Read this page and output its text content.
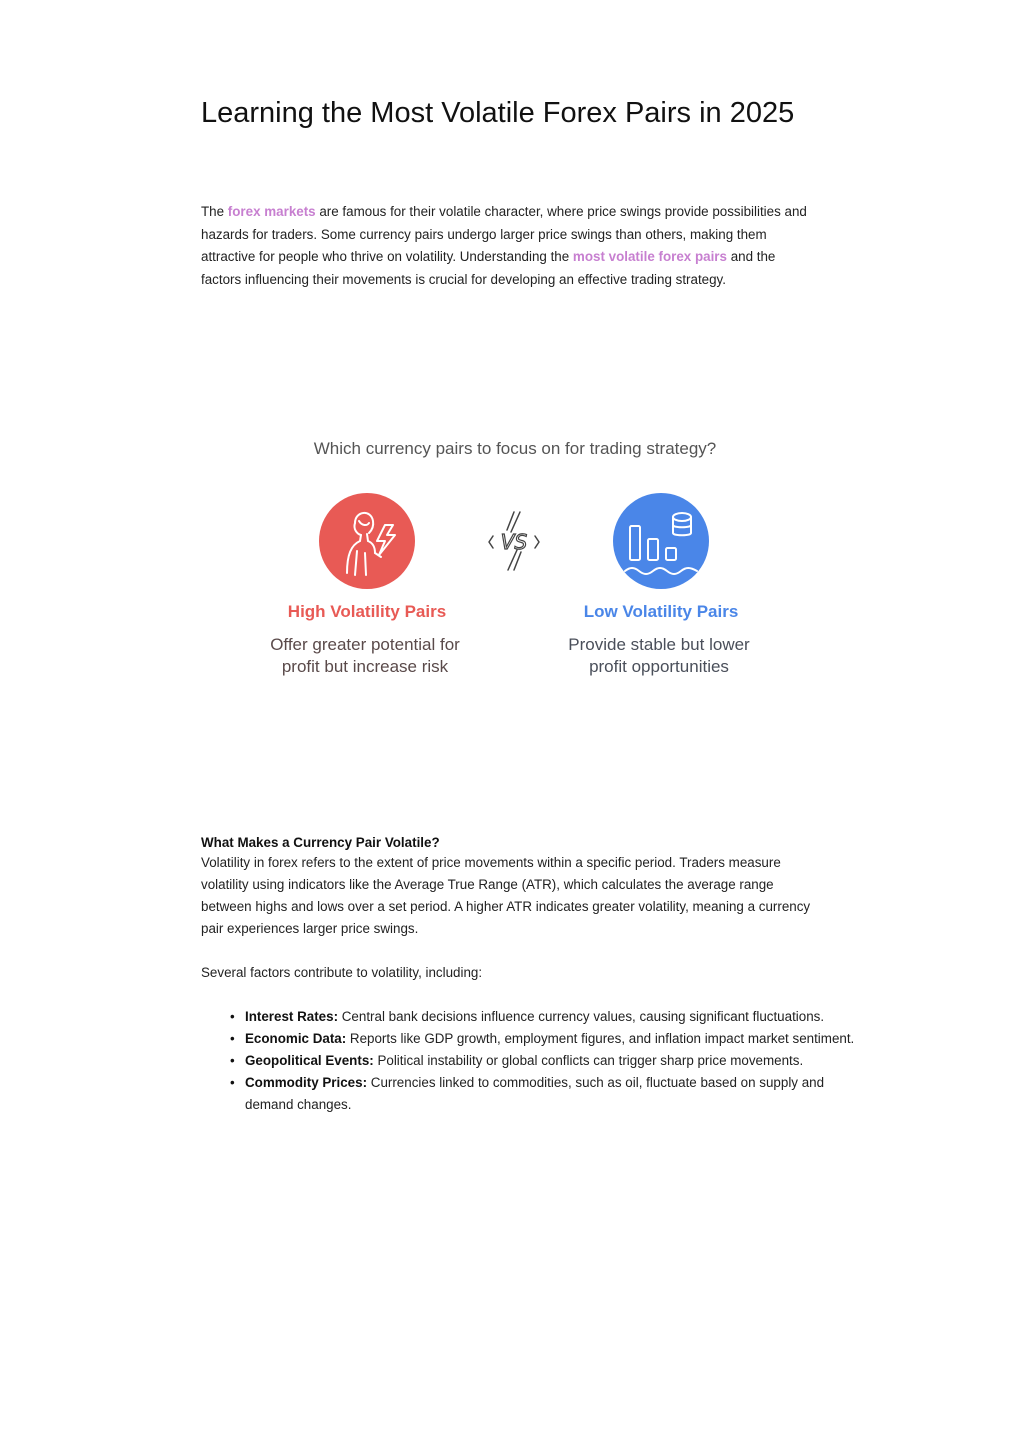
Learning the Most Volatile Forex Pairs in 2025

The forex markets are famous for their volatile character, where price swings provide possibilities and hazards for traders. Some currency pairs undergo larger price swings than others, making them attractive for people who thrive on volatility. Understanding the most volatile forex pairs and the factors influencing their movements is crucial for developing an effective trading strategy.

Which currency pairs to focus on for trading strategy?
VS
High Volatility Pairs	Low Volatility Pairs
Offer greater potential for
profit but increase risk
Provide stable but lower
profit opportunities
What Makes a Currency Pair Volatile?

Volatility in forex refers to the extent of price movements within a specific period. Traders measure volatility using indicators like the Average True Range (ATR), which calculates the average range between highs and lows over a set period. A higher ATR indicates greater volatility, meaning a currency pair experiences larger price swings.

Several factors contribute to volatility, including:

• Interest Rates: Central bank decisions influence currency values, causing significant fluctuations.
• Economic Data: Reports like GDP growth, employment figures, and inflation impact market sentiment.
• Geopolitical Events: Political instability or global conflicts can trigger sharp price movements.
• Commodity Prices: Currencies linked to commodities, such as oil, fluctuate based on supply and demand changes.
